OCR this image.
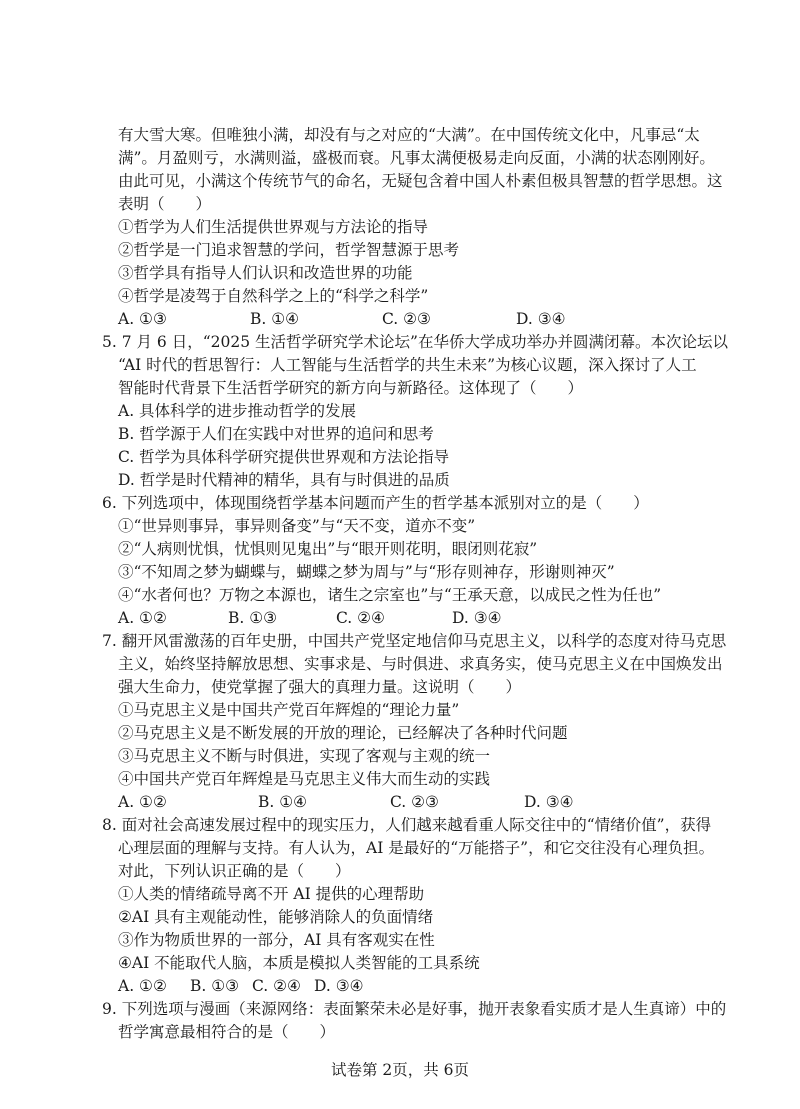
有大雪大寒。但唯独小满，却没有与之对应的“大满”。在中国传统文化中，凡事忌“太
满”。月盈则亏，水满则溢，盛极而衰。凡事太满便极易走向反面，小满的状态刚刚好。
由此可见，小满这个传统节气的命名，无疑包含着中国人朴素但极具智慧的哲学思想。这
表明（　　）
①哲学为人们生活提供世界观与方法论的指导
②哲学是一门追求智慧的学问，哲学智慧源于思考
③哲学具有指导人们认识和改造世界的功能
④哲学是凌驾于自然科学之上的“科学之科学”
A. ①③	B. ①④	C. ②③	D. ③④
5. 7 月 6 日，“2025 生活哲学研究学术论坛”在华侨大学成功举办并圆满闭幕。本次论坛以
“AI 时代的哲思智行：人工智能与生活哲学的共生未来”为核心议题，深入探讨了人工
智能时代背景下生活哲学研究的新方向与新路径。这体现了（　　）
A. 具体科学的进步推动哲学的发展
B. 哲学源于人们在实践中对世界的追问和思考
C. 哲学为具体科学研究提供世界观和方法论指导
D. 哲学是时代精神的精华，具有与时俱进的品质
6. 下列选项中，体现围绕哲学基本问题而产生的哲学基本派别对立的是（　　）
①“世异则事异，事异则备变”与“天不变，道亦不变”
②“人病则忧惧，忧惧则见鬼出”与“眼开则花明，眼闭则花寂”
③“不知周之梦为蝴蝶与，蝴蝶之梦为周与”与“形存则神存，形谢则神灭”
④“水者何也？万物之本源也，诸生之宗室也”与“王承天意，以成民之性为任也”
A. ①②	B. ①③	C. ②④	D. ③④
7. 翻开风雷激荡的百年史册，中国共产党坚定地信仰马克思主义，以科学的态度对待马克思
主义，始终坚持解放思想、实事求是、与时俱进、求真务实，使马克思主义在中国焕发出
强大生命力，使党掌握了强大的真理力量。这说明（　　）
①马克思主义是中国共产党百年辉煌的“理论力量”
②马克思主义是不断发展的开放的理论，已经解决了各种时代问题
③马克思主义不断与时俱进，实现了客观与主观的统一
④中国共产党百年辉煌是马克思主义伟大而生动的实践
A. ①②	B. ①④	C. ②③	D. ③④
8. 面对社会高速发展过程中的现实压力，人们越来越看重人际交往中的“情绪价值”，获得
心理层面的理解与支持。有人认为，AI 是最好的“万能搭子”，和它交往没有心理负担。
对此，下列认识正确的是（　　）
①人类的情绪疏导离不开 AI 提供的心理帮助
②AI 具有主观能动性，能够消除人的负面情绪
③作为物质世界的一部分，AI 具有客观实在性
④AI 不能取代人脑，本质是模拟人类智能的工具系统
A. ①② B. ①③ C. ②④ D. ③④
9. 下列选项与漫画（来源网络：表面繁荣未必是好事，抛开表象看实质才是人生真谛）中的
哲学寓意最相符合的是（　　）
试卷第 2页，共 6页
